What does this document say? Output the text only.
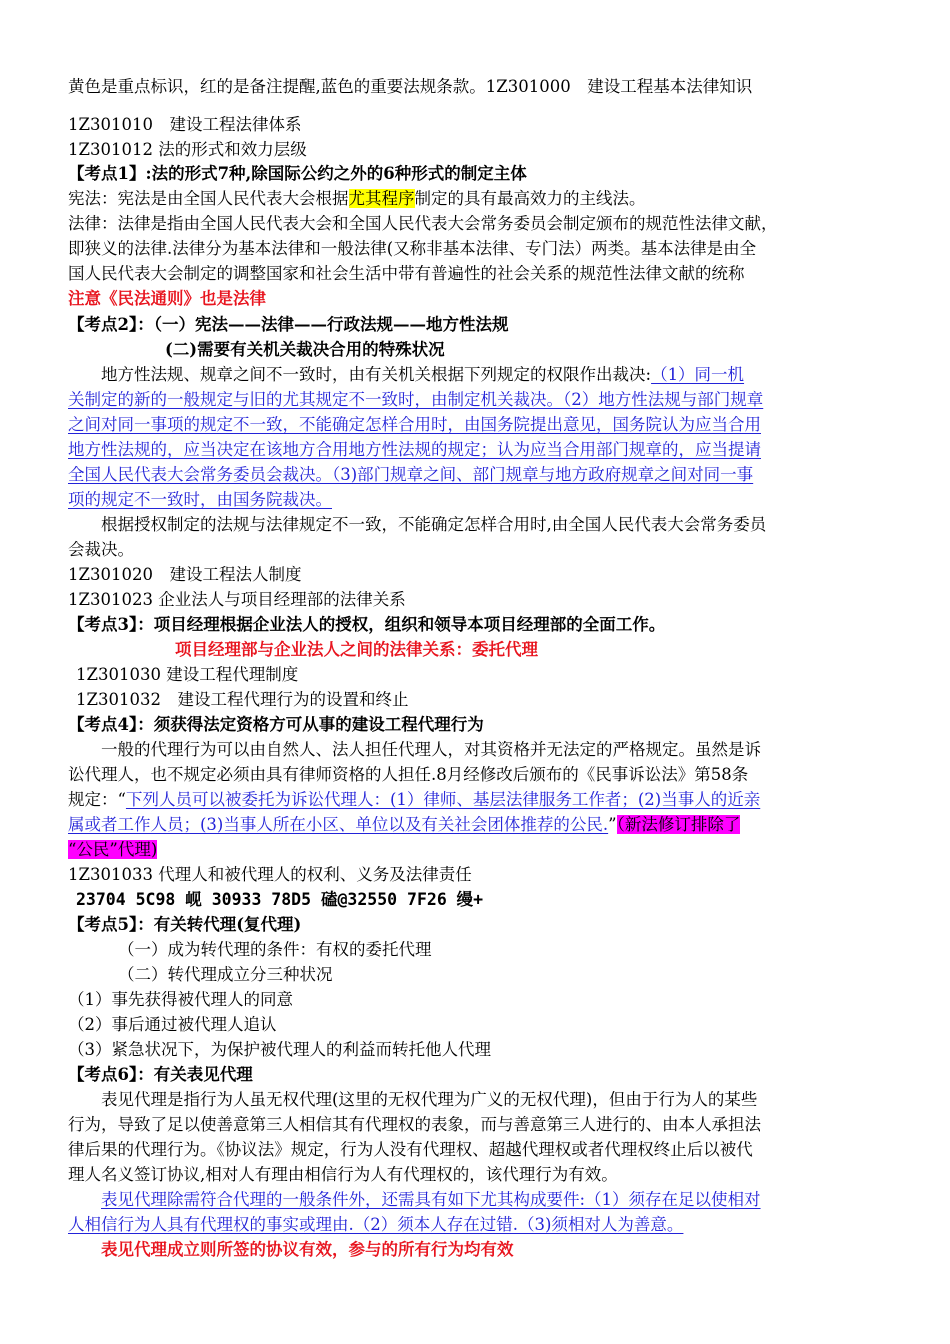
黄色是重点标识，红的是备注提醒,蓝色的重要法规条款。1Z301000　建设工程基本法律知识
1Z301010　建设工程法律体系
1Z301012 法的形式和效力层级
【考点1】:法的形式7种,除国际公约之外的6种形式的制定主体
宪法：宪法是由全国人民代表大会根据尤其程序制定的具有最高效力的主线法。
法律：法律是指由全国人民代表大会和全国人民代表大会常务委员会制定颁布的规范性法律文献，
即狭义的法律.法律分为基本法律和一般法律(又称非基本法律、专门法）两类。基本法律是由全
国人民代表大会制定的调整国家和社会生活中带有普遍性的社会关系的规范性法律文献的统称
注意《民法通则》也是法律
【考点2】：（一）宪法——法律——行政法规——地方性法规
(二)需要有关机关裁决合用的特殊状况
地方性法规、规章之间不一致时，由有关机关根据下列规定的权限作出裁决:（1）同一机
关制定的新的一般规定与旧的尤其规定不一致时，由制定机关裁决。（2）地方性法规与部门规章
之间对同一事项的规定不一致，不能确定怎样合用时，由国务院提出意见，国务院认为应当合用
地方性法规的，应当决定在该地方合用地方性法规的规定；认为应当合用部门规章的，应当提请
全国人民代表大会常务委员会裁决。（3)部门规章之间、部门规章与地方政府规章之间对同一事
项的规定不一致时，由国务院裁决。
根据授权制定的法规与法律规定不一致，不能确定怎样合用时,由全国人民代表大会常务委员
会裁决。
1Z301020　建设工程法人制度
1Z301023 企业法人与项目经理部的法律关系
【考点3】：项目经理根据企业法人的授权，组织和领导本项目经理部的全面工作。
项目经理部与企业法人之间的法律关系：委托代理
1Z301030 建设工程代理制度
1Z301032　建设工程代理行为的设置和终止
【考点4】：须获得法定资格方可从事的建设工程代理行为
一般的代理行为可以由自然人、法人担任代理人，对其资格并无法定的严格规定。虽然是诉
讼代理人，也不规定必须由具有律师资格的人担任.8月经修改后颁布的《民事诉讼法》第58条
规定：“下列人员可以被委托为诉讼代理人：(1）律师、基层法律服务工作者；(2)当事人的近亲
属或者工作人员；(3)当事人所在小区、单位以及有关社会团体推荐的公民.”（新法修订排除了
“公民”代理)
1Z301033 代理人和被代理人的权利、义务及法律责任
23704 5C98 岘 30933 78D5 磕@32550 7F26 缦+
【考点5】：有关转代理(复代理)
（一）成为转代理的条件：有权的委托代理
（二）转代理成立分三种状况
（1）事先获得被代理人的同意
（2）事后通过被代理人追认
（3）紧急状况下，为保护被代理人的利益而转托他人代理
【考点6】：有关表见代理
表见代理是指行为人虽无权代理(这里的无权代理为广义的无权代理)，但由于行为人的某些
行为，导致了足以使善意第三人相信其有代理权的表象，而与善意第三人进行的、由本人承担法
律后果的代理行为。《协议法》规定，行为人没有代理权、超越代理权或者代理权终止后以被代
理人名义签订协议,相对人有理由相信行为人有代理权的，该代理行为有效。
表见代理除需符合代理的一般条件外，还需具有如下尤其构成要件:（1）须存在足以使相对
人相信行为人具有代理权的事实或理由.（2）须本人存在过错.（3)须相对人为善意。
表见代理成立则所签的协议有效，参与的所有行为均有效
